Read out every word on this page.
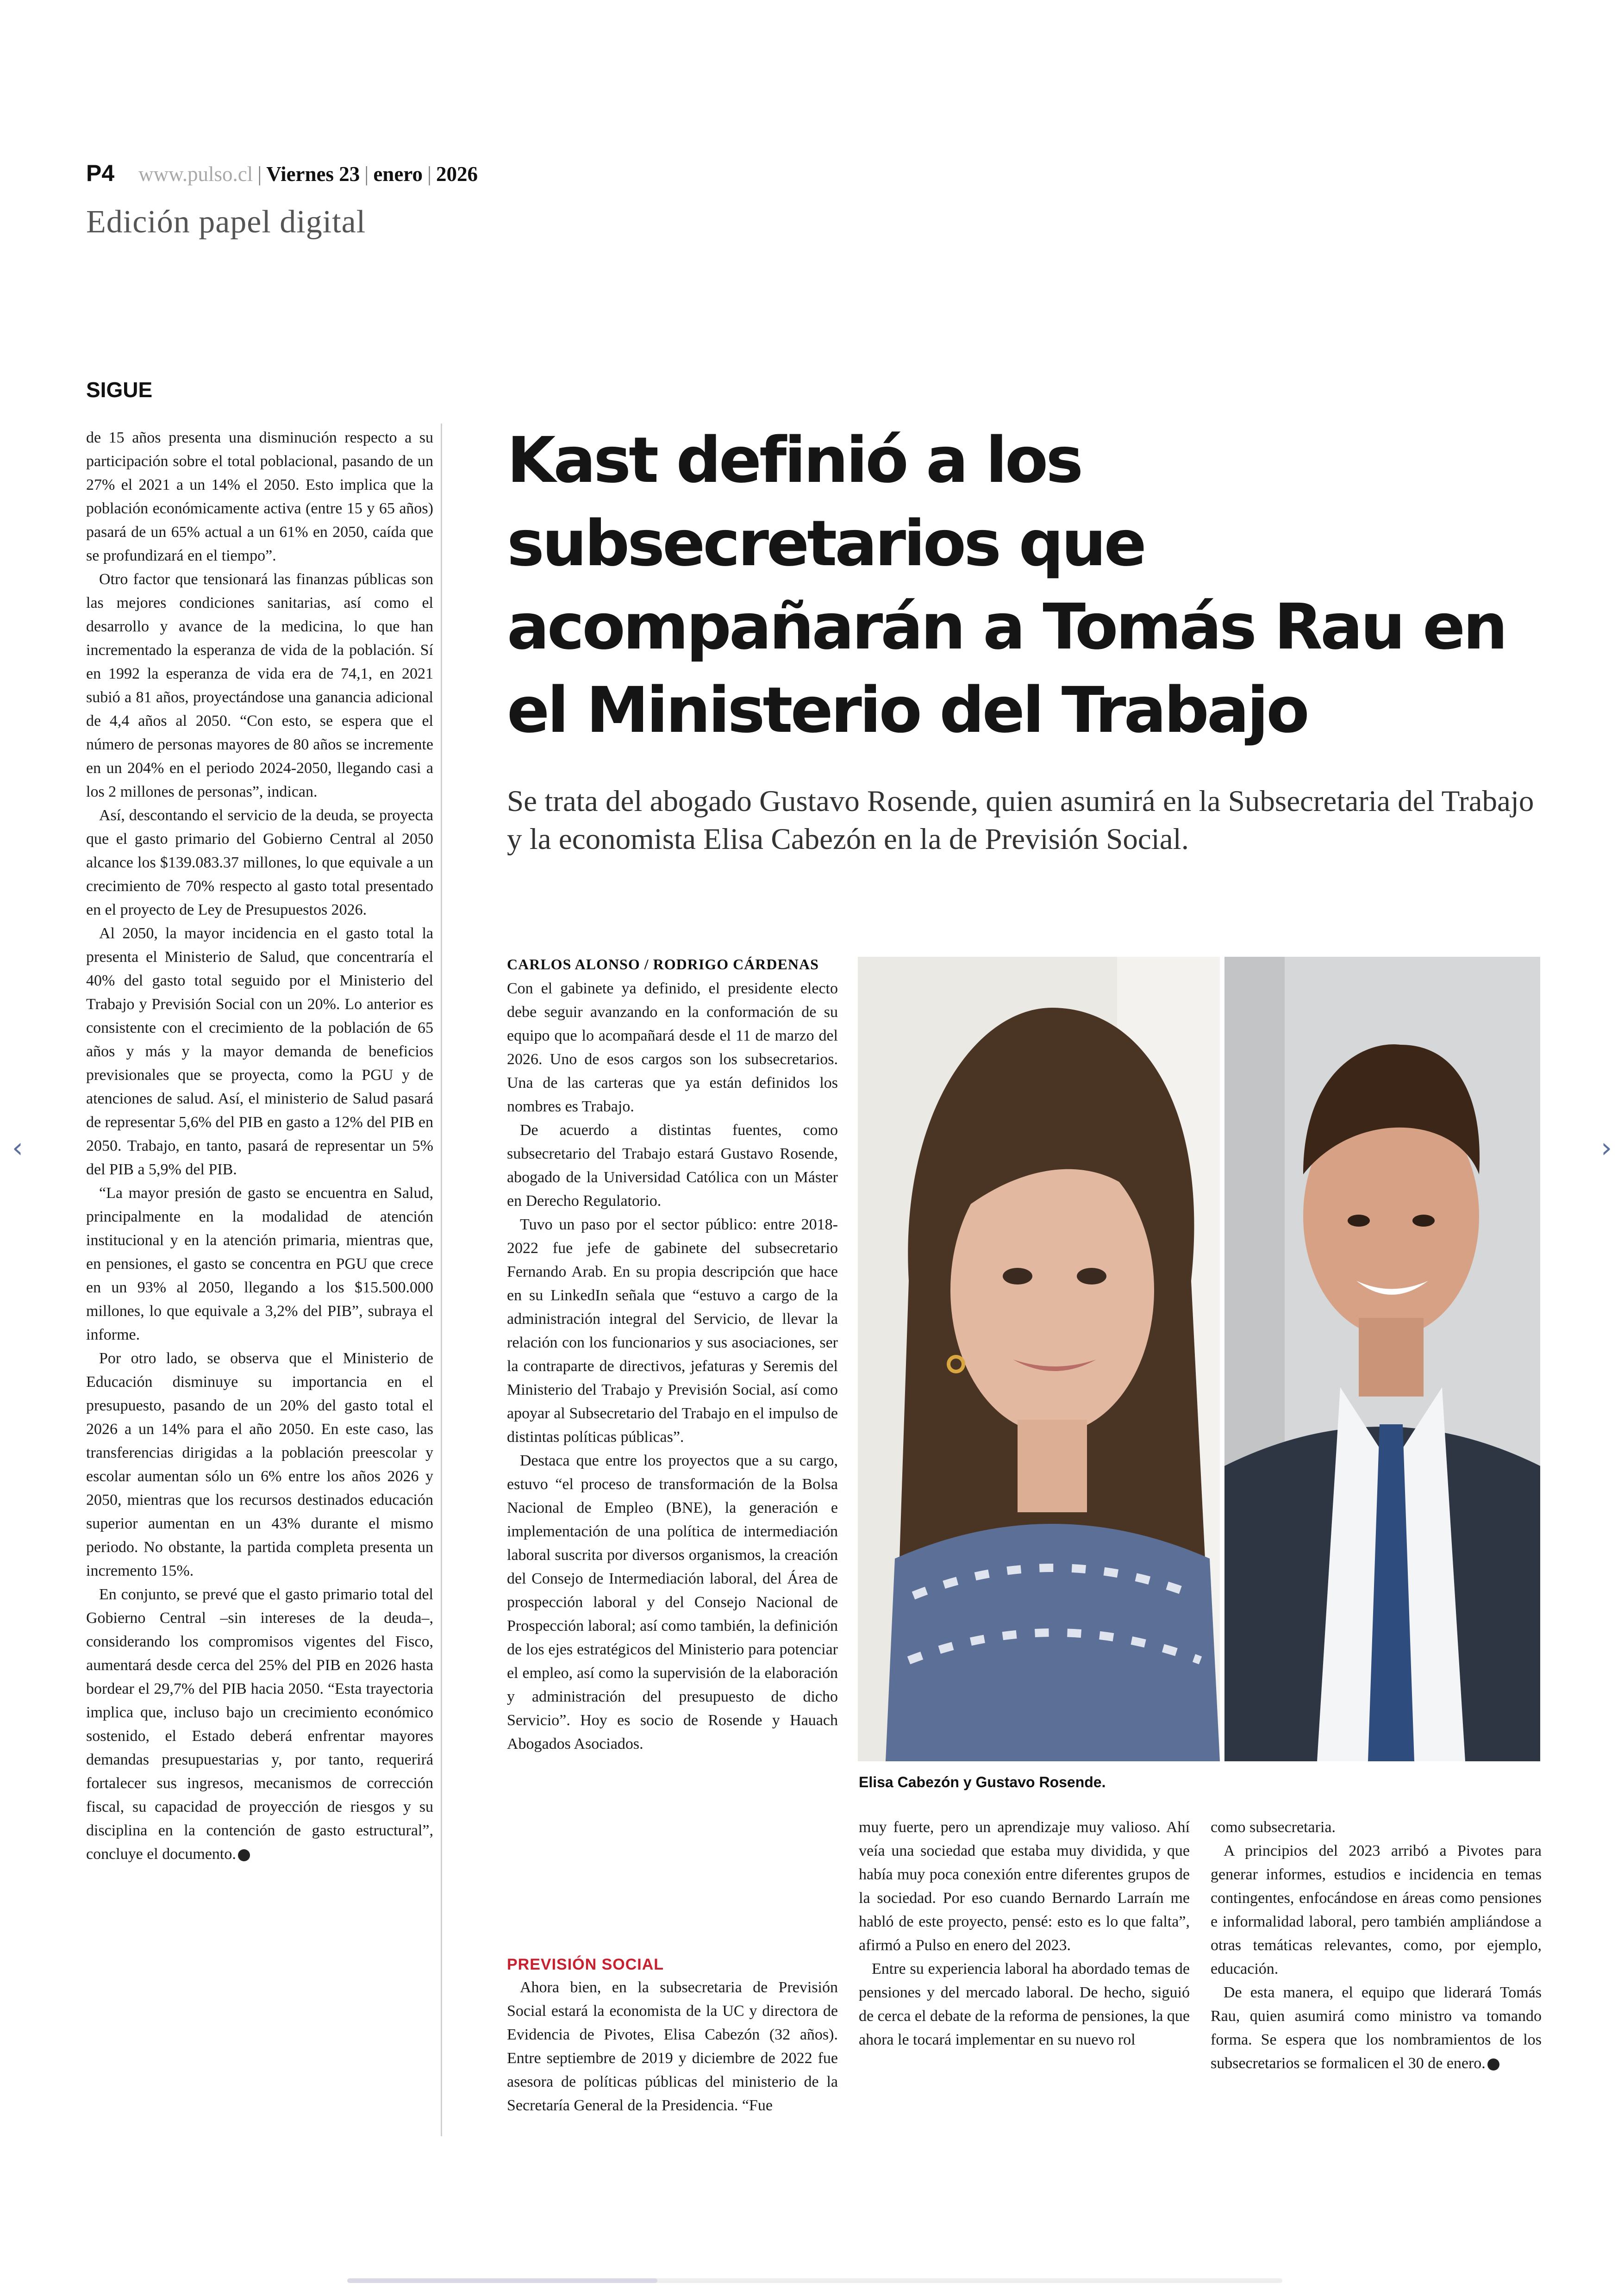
P4 www.pulso.cl | Viernes 23 | enero | 2026
Edición papel digital
SIGUE

de 15 años presenta una disminución respecto a su participación sobre el total poblacional, pasando de un 27% el 2021 a un 14% el 2050. Esto implica que la población económicamente activa (entre 15 y 65 años) pasará de un 65% actual a un 61% en 2050, caída que se profundizará en el tiempo”.

Otro factor que tensionará las finanzas públicas son las mejores condiciones sanitarias, así como el desarrollo y avance de la medicina, lo que han incrementado la esperanza de vida de la población. Sí en 1992 la esperanza de vida era de 74,1, en 2021 subió a 81 años, proyectándose una ganancia adicional de 4,4 años al 2050. “Con esto, se espera que el número de personas mayores de 80 años se incremente en un 204% en el periodo 2024-2050, llegando casi a los 2 millones de personas”, indican.

Así, descontando el servicio de la deuda, se proyecta que el gasto primario del Gobierno Central al 2050 alcance los $139.083.37 millones, lo que equivale a un crecimiento de 70% respecto al gasto total presentado en el proyecto de Ley de Presupuestos 2026.

Al 2050, la mayor incidencia en el gasto total la presenta el Ministerio de Salud, que concentraría el 40% del gasto total seguido por el Ministerio del Trabajo y Previsión Social con un 20%. Lo anterior es consistente con el crecimiento de la población de 65 años y más y la mayor demanda de beneficios previsionales que se proyecta, como la PGU y de atenciones de salud. Así, el ministerio de Salud pasará de representar 5,6% del PIB en gasto a 12% del PIB en 2050. Trabajo, en tanto, pasará de representar un 5% del PIB a 5,9% del PIB.

“La mayor presión de gasto se encuentra en Salud, principalmente en la modalidad de atención institucional y en la atención primaria, mientras que, en pensiones, el gasto se concentra en PGU que crece en un 93% al 2050, llegando a los $15.500.000 millones, lo que equivale a 3,2% del PIB”, subraya el informe.

Por otro lado, se observa que el Ministerio de Educación disminuye su importancia en el presupuesto, pasando de un 20% del gasto total el 2026 a un 14% para el año 2050. En este caso, las transferencias dirigidas a la población preescolar y escolar aumentan sólo un 6% entre los años 2026 y 2050, mientras que los recursos destinados educación superior aumentan en un 43% durante el mismo periodo. No obstante, la partida completa presenta un incremento 15%.

En conjunto, se prevé que el gasto primario total del Gobierno Central –sin intereses de la deuda–, considerando los compromisos vigentes del Fisco, aumentará desde cerca del 25% del PIB en 2026 hasta bordear el 29,7% del PIB hacia 2050. “Esta trayectoria implica que, incluso bajo un crecimiento económico sostenido, el Estado deberá enfrentar mayores demandas presupuestarias y, por tanto, requerirá fortalecer sus ingresos, mecanismos de corrección fiscal, su capacidad de proyección de riesgos y su disciplina en la contención de gasto estructural”, concluye el documento.

Kast definió a los subsecretarios que acompañarán a Tomás Rau en el Ministerio del Trabajo

Se trata del abogado Gustavo Rosende, quien asumirá en la Subsecretaria del Trabajo y la economista Elisa Cabezón en la de Previsión Social.

CARLOS ALONSO / RODRIGO CÁRDENAS

Con el gabinete ya definido, el presidente electo debe seguir avanzando en la conformación de su equipo que lo acompañará desde el 11 de marzo del 2026. Uno de esos cargos son los subsecretarios. Una de las carteras que ya están definidos los nombres es Trabajo.

De acuerdo a distintas fuentes, como subsecretario del Trabajo estará Gustavo Rosende, abogado de la Universidad Católica con un Máster en Derecho Regulatorio.

Tuvo un paso por el sector público: entre 2018-2022 fue jefe de gabinete del subsecretario Fernando Arab. En su propia descripción que hace en su LinkedIn señala que “estuvo a cargo de la administración integral del Servicio, de llevar la relación con los funcionarios y sus asociaciones, ser la contraparte de directivos, jefaturas y Seremis del Ministerio del Trabajo y Previsión Social, así como apoyar al Subsecretario del Trabajo en el impulso de distintas políticas públicas”.

Destaca que entre los proyectos que a su cargo, estuvo “el proceso de transformación de la Bolsa Nacional de Empleo (BNE), la generación e implementación de una política de intermediación laboral suscrita por diversos organismos, la creación del Consejo de Intermediación laboral, del Área de prospección laboral y del Consejo Nacional de Prospección laboral; así como también, la definición de los ejes estratégicos del Ministerio para potenciar el empleo, así como la supervisión de la elaboración y administración del presupuesto de dicho Servicio”. Hoy es socio de Rosende y Hauach Abogados Asociados.

PREVISIÓN SOCIAL

Ahora bien, en la subsecretaria de Previsión Social estará la economista de la UC y directora de Evidencia de Pivotes, Elisa Cabezón (32 años). Entre septiembre de 2019 y diciembre de 2022 fue asesora de políticas públicas del ministerio de la Secretaría General de la Presidencia. “Fue

Elisa Cabezón y Gustavo Rosende.

muy fuerte, pero un aprendizaje muy valioso. Ahí veía una sociedad que estaba muy dividida, y que había muy poca conexión entre diferentes grupos de la sociedad. Por eso cuando Bernardo Larraín me habló de este proyecto, pensé: esto es lo que falta”, afirmó a Pulso en enero del 2023.

Entre su experiencia laboral ha abordado temas de pensiones y del mercado laboral. De hecho, siguió de cerca el debate de la reforma de pensiones, la que ahora le tocará implementar en su nuevo rol

como subsecretaria.

A principios del 2023 arribó a Pivotes para generar informes, estudios e incidencia en temas contingentes, enfocándose en áreas como pensiones e informalidad laboral, pero también ampliándose a otras temáticas relevantes, como, por ejemplo, educación.

De esta manera, el equipo que liderará Tomás Rau, quien asumirá como ministro va tomando forma. Se espera que los nombramientos de los subsecretarios se formalicen el 30 de enero.

‹	›
